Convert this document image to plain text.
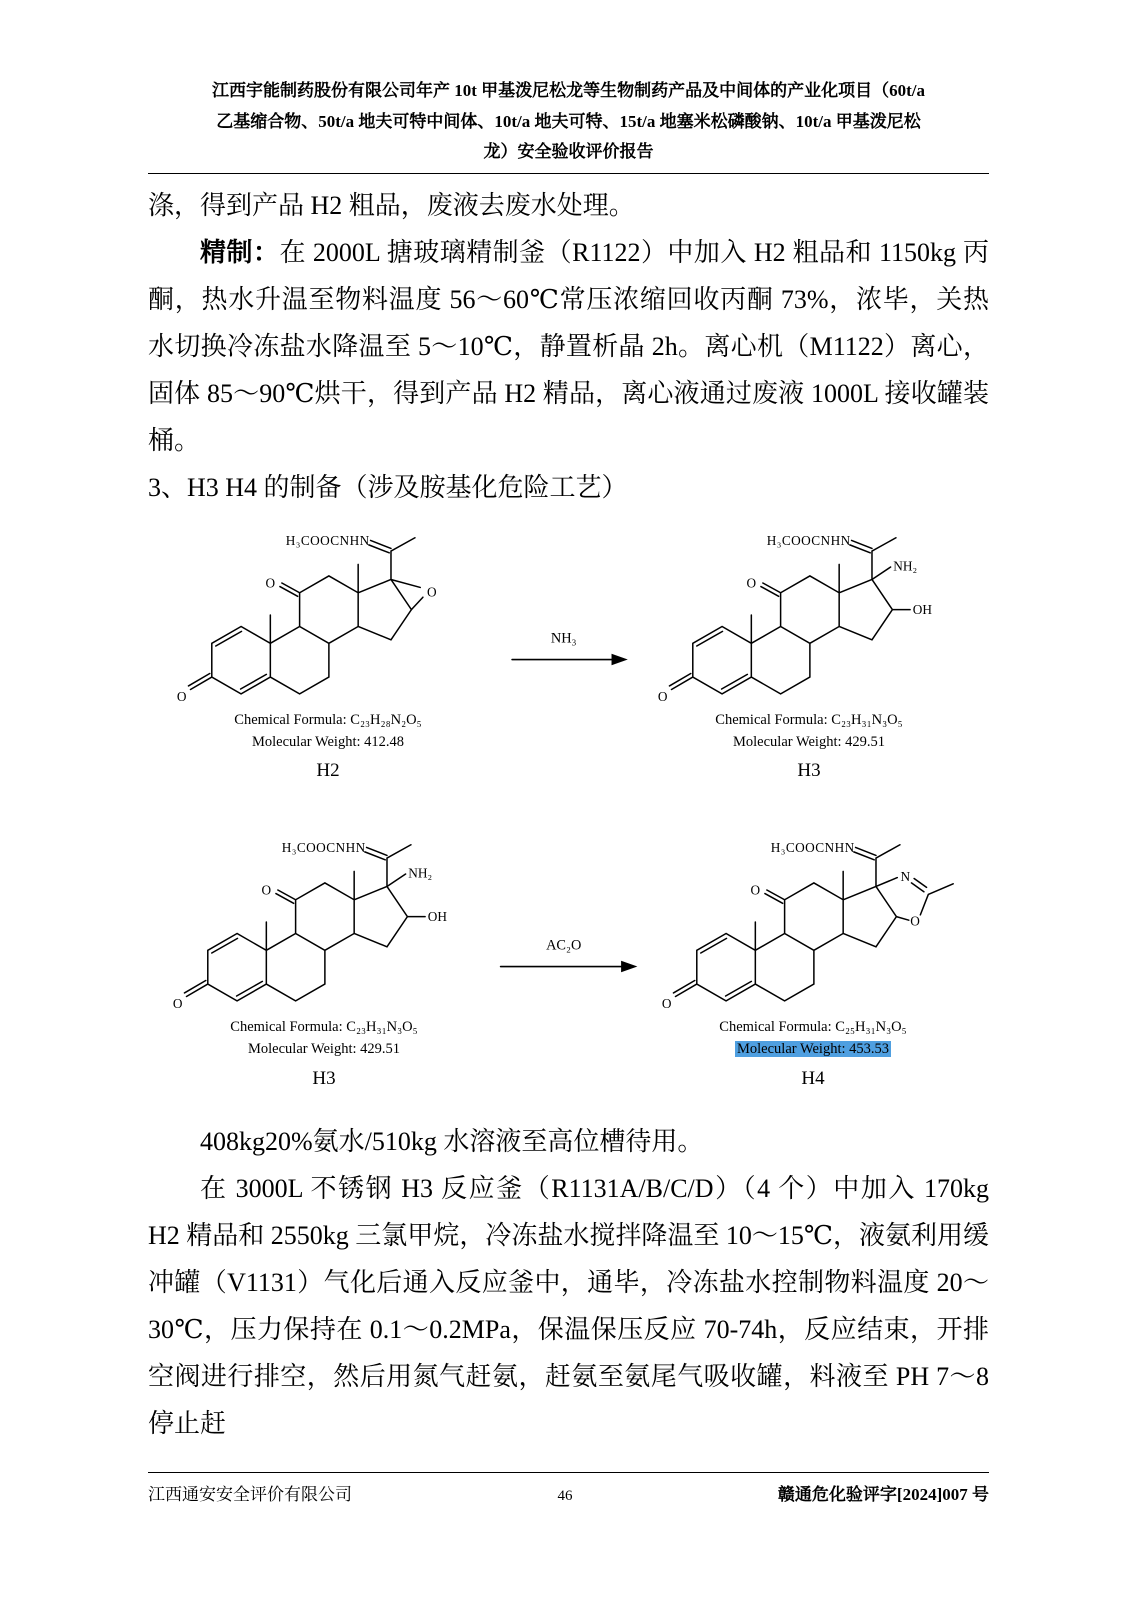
江西宇能制药股份有限公司年产 10t 甲基泼尼松龙等生物制药产品及中间体的产业化项目（60t/a
乙基缩合物、50t/a 地夫可特中间体、10t/a 地夫可特、15t/a 地塞米松磷酸钠、10t/a 甲基泼尼松
龙）安全验收评价报告

涤，得到产品 H2 粗品，废液去废水处理。

精制：在 2000L 搪玻璃精制釜（R1122）中加入 H2 粗品和 1150kg 丙酮，热水升温至物料温度 56～60℃常压浓缩回收丙酮 73%，浓毕，关热水切换冷冻盐水降温至 5～10℃，静置析晶 2h。离心机（M1122）离心，固体 85～90℃烘干，得到产品 H2 精品，离心液通过废液 1000L 接收罐装桶。

3、H3 H4 的制备（涉及胺基化危险工艺）

H₃COOCNHN
O
O
O
Chemical Formula: C₂₃H₂₈N₂O₅
Molecular Weight: 412.48
H2
NH₃
H₃COOCNHN
O
O
NH₂
OH
Chemical Formula: C₂₃H₃₁N₃O₅
Molecular Weight: 429.51
H3
H₃COOCNHN
O
O
NH₂
OH
Chemical Formula: C₂₃H₃₁N₃O₅
Molecular Weight: 429.51
H3
AC₂O
H₃COOCNHN
O
O
N
O
Chemical Formula: C₂₅H₃₁N₃O₅
Molecular Weight: 453.53
H4

408kg20%氨水/510kg 水溶液至高位槽待用。

在 3000L 不锈钢 H3 反应釜（R1131A/B/C/D）（4 个）中加入 170kg H2 精品和 2550kg 三氯甲烷，冷冻盐水搅拌降温至 10～15℃，液氨利用缓冲罐（V1131）气化后通入反应釜中，通毕，冷冻盐水控制物料温度 20～30℃，压力保持在 0.1～0.2MPa，保温保压反应 70-74h，反应结束，开排空阀进行排空，然后用氮气赶氨，赶氨至氨尾气吸收罐，料液至 PH 7～8 停止赶

江西通安安全评价有限公司	46	赣通危化验评字[2024]007 号
